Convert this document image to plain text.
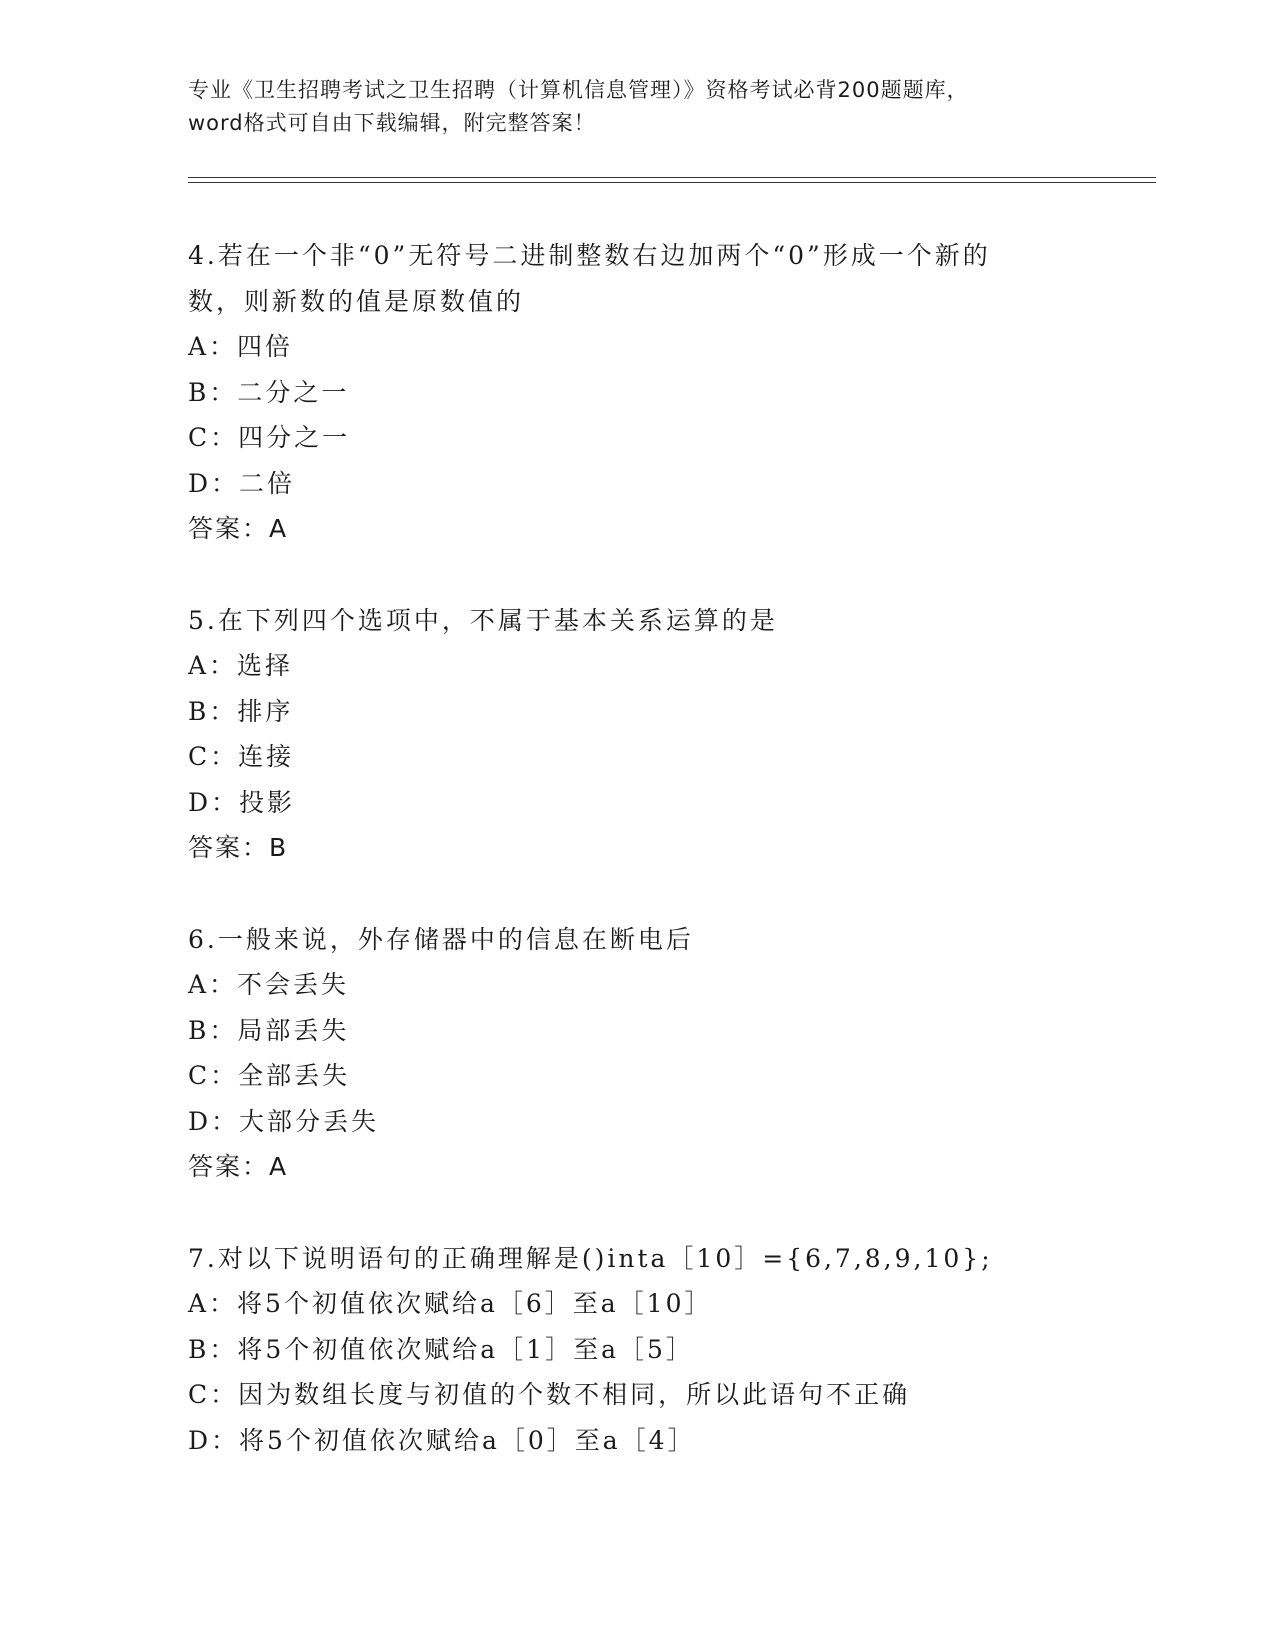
专业《卫生招聘考试之卫生招聘（计算机信息管理）》资格考试必背200题题库，
word格式可自由下载编辑，附完整答案！

4.若在一个非“0”无符号二进制整数右边加两个“0”形成一个新的

数，则新数的值是原数值的

A：四倍

B：二分之一

C：四分之一

D：二倍

答案：A

5.在下列四个选项中，不属于基本关系运算的是

A：选择

B：排序

C：连接

D：投影

答案：B

6.一般来说，外存储器中的信息在断电后

A：不会丢失

B：局部丢失

C：全部丢失

D：大部分丢失

答案：A

7.对以下说明语句的正确理解是()inta［10］={6,7,8,9,10};

A：将5个初值依次赋给a［6］至a［10］

B：将5个初值依次赋给a［1］至a［5］

C：因为数组长度与初值的个数不相同，所以此语句不正确

D：将5个初值依次赋给a［0］至a［4］
